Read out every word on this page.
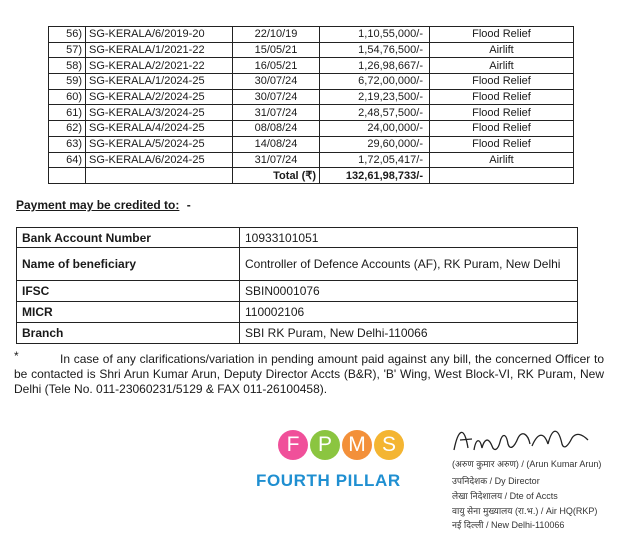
56)	SG-KERALA/6/2019-20	22/10/19	1,10,55,000/-	Flood Relief
57)	SG-KERALA/1/2021-22	15/05/21	1,54,76,500/-	Airlift
58)	SG-KERALA/2/2021-22	16/05/21	1,26,98,667/-	Airlift
59)	SG-KERALA/1/2024-25	30/07/24	6,72,00,000/-	Flood Relief
60)	SG-KERALA/2/2024-25	30/07/24	2,19,23,500/-	Flood Relief
61)	SG-KERALA/3/2024-25	31/07/24	2,48,57,500/-	Flood Relief
62)	SG-KERALA/4/2024-25	08/08/24	24,00,000/-	Flood Relief
63)	SG-KERALA/5/2024-25	14/08/24	29,60,000/-	Flood Relief
64)	SG-KERALA/6/2024-25	31/07/24	1,72,05,417/-	Airlift
		Total (₹)	132,61,98,733/-	
Payment may be credited to: -
Bank Account Number	10933101051
Name of beneficiary	Controller of Defence Accounts (AF), RK Puram, New Delhi
IFSC	SBIN0001076
MICR	110002106
Branch	SBI RK Puram, New Delhi-110066
*	In case of any clarifications/variation in pending amount paid against any bill, the concerned Officer to be contacted is Shri Arun Kumar Arun, Deputy Director Accts (B&R), 'B' Wing, West Block-VI, RK Puram, New Delhi (Tele No. 011-23060231/5129 & FAX 011-26100458).

F P M S
FOURTH PILLAR
(अरुण कुमार अरुण) / (Arun Kumar Arun)
उपनिदेशक / Dy Director
लेखा निदेशालय / Dte of Accts
वायु सेना मुख्यालय (रा.भ.) / Air HQ(RKP)
नई दिल्ली / New Delhi-110066
